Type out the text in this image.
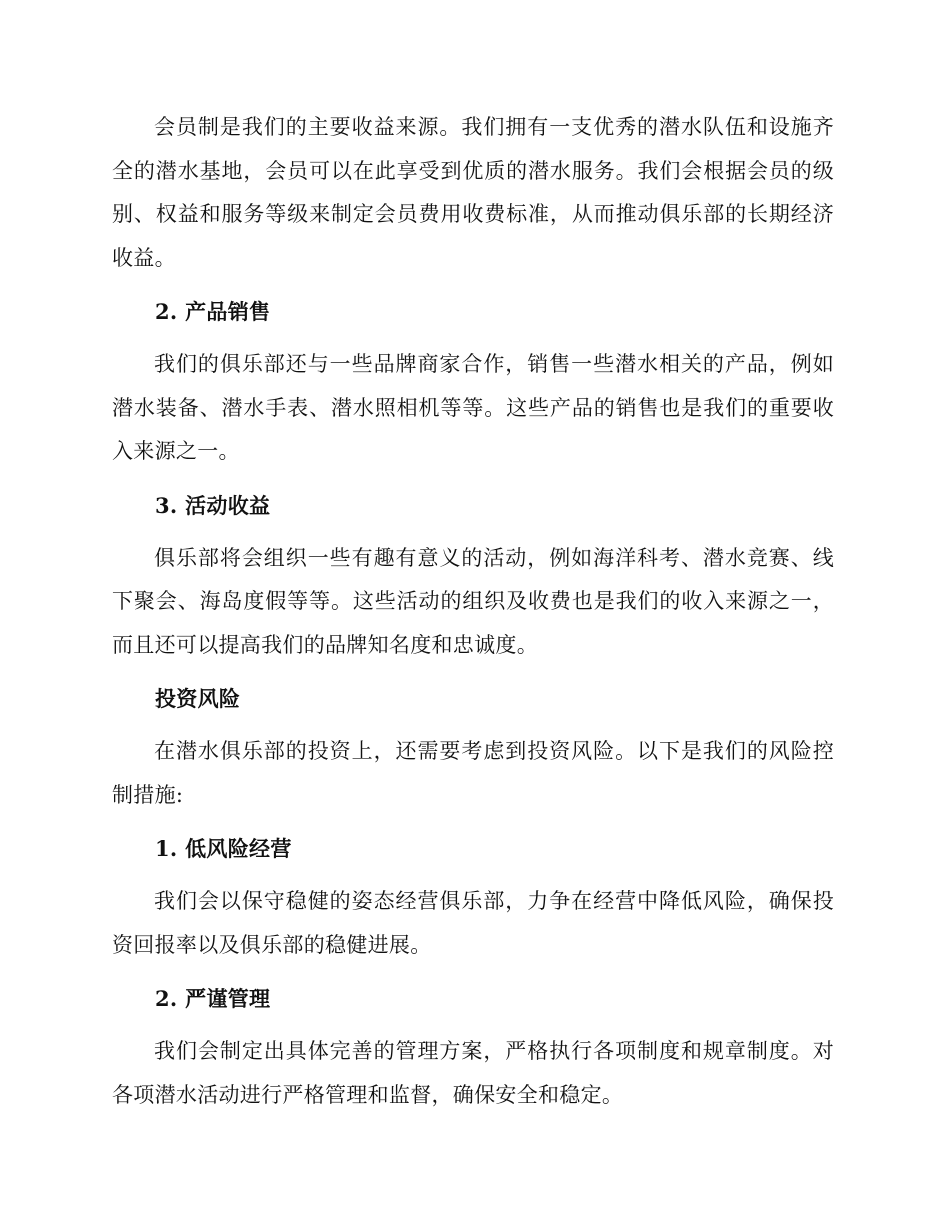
会员制是我们的主要收益来源。我们拥有一支优秀的潜水队伍和设施齐全的潜水基地，会员可以在此享受到优质的潜水服务。我们会根据会员的级别、权益和服务等级来制定会员费用收费标准，从而推动俱乐部的长期经济收益。

2. 产品销售

我们的俱乐部还与一些品牌商家合作，销售一些潜水相关的产品，例如潜水装备、潜水手表、潜水照相机等等。这些产品的销售也是我们的重要收入来源之一。

3. 活动收益

俱乐部将会组织一些有趣有意义的活动，例如海洋科考、潜水竞赛、线下聚会、海岛度假等等。这些活动的组织及收费也是我们的收入来源之一，而且还可以提高我们的品牌知名度和忠诚度。

投资风险

在潜水俱乐部的投资上，还需要考虑到投资风险。以下是我们的风险控制措施:

1. 低风险经营

我们会以保守稳健的姿态经营俱乐部，力争在经营中降低风险，确保投资回报率以及俱乐部的稳健进展。

2. 严谨管理

我们会制定出具体完善的管理方案，严格执行各项制度和规章制度。对各项潜水活动进行严格管理和监督，确保安全和稳定。
